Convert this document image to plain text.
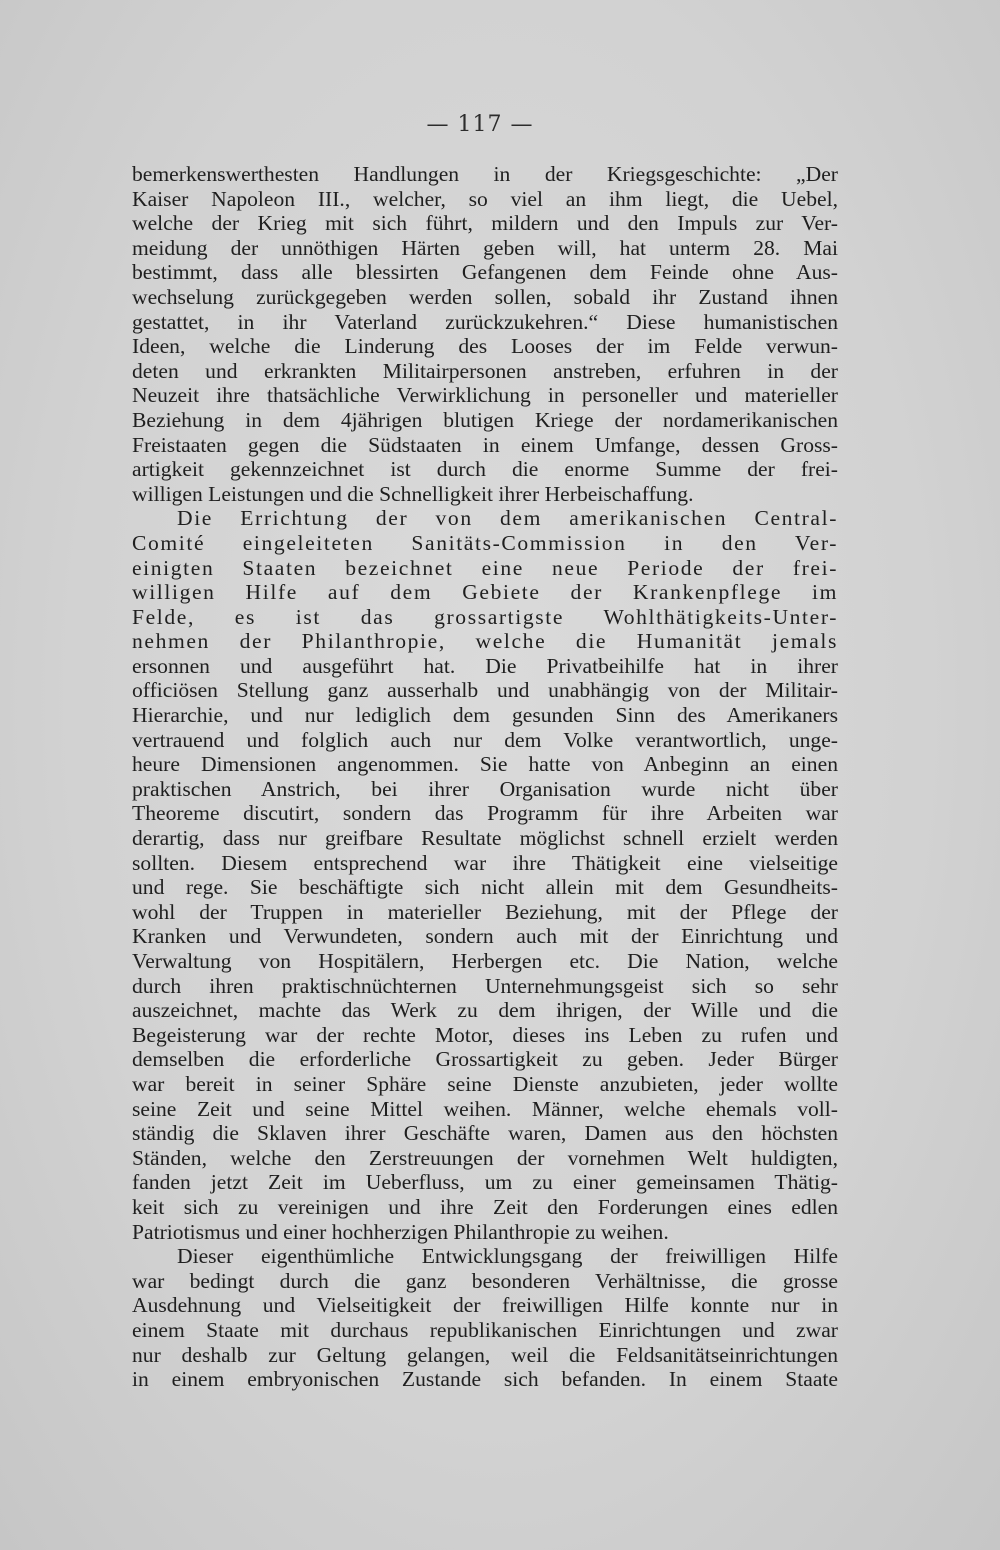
— 117 —
bemerkenswerthesten Handlungen in der Kriegsgeschichte: „Der
Kaiser Napoleon III., welcher, so viel an ihm liegt, die Uebel,
welche der Krieg mit sich führt, mildern und den Impuls zur Ver-
meidung der unnöthigen Härten geben will, hat unterm 28. Mai
bestimmt, dass alle blessirten Gefangenen dem Feinde ohne Aus-
wechselung zurückgegeben werden sollen, sobald ihr Zustand ihnen
gestattet, in ihr Vaterland zurückzukehren.“ Diese humanistischen
Ideen, welche die Linderung des Looses der im Felde verwun-
deten und erkrankten Militairpersonen anstreben, erfuhren in der
Neuzeit ihre thatsächliche Verwirklichung in personeller und materieller
Beziehung in dem 4jährigen blutigen Kriege der nordamerikanischen
Freistaaten gegen die Südstaaten in einem Umfange, dessen Gross-
artigkeit gekennzeichnet ist durch die enorme Summe der frei-
willigen Leistungen und die Schnelligkeit ihrer Herbeischaffung.
Die Errichtung der von dem amerikanischen Central-
Comité eingeleiteten Sanitäts-Commission in den Ver-
einigten Staaten bezeichnet eine neue Periode der frei-
willigen Hilfe auf dem Gebiete der Krankenpflege im
Felde, es ist das grossartigste Wohlthätigkeits-Unter-
nehmen der Philanthropie, welche die Humanität jemals
ersonnen und ausgeführt hat. Die Privatbeihilfe hat in ihrer
officiösen Stellung ganz ausserhalb und unabhängig von der Militair-
Hierarchie, und nur lediglich dem gesunden Sinn des Amerikaners
vertrauend und folglich auch nur dem Volke verantwortlich, unge-
heure Dimensionen angenommen. Sie hatte von Anbeginn an einen
praktischen Anstrich, bei ihrer Organisation wurde nicht über
Theoreme discutirt, sondern das Programm für ihre Arbeiten war
derartig, dass nur greifbare Resultate möglichst schnell erzielt werden
sollten. Diesem entsprechend war ihre Thätigkeit eine vielseitige
und rege. Sie beschäftigte sich nicht allein mit dem Gesundheits-
wohl der Truppen in materieller Beziehung, mit der Pflege der
Kranken und Verwundeten, sondern auch mit der Einrichtung und
Verwaltung von Hospitälern, Herbergen etc. Die Nation, welche
durch ihren praktischnüchternen Unternehmungsgeist sich so sehr
auszeichnet, machte das Werk zu dem ihrigen, der Wille und die
Begeisterung war der rechte Motor, dieses ins Leben zu rufen und
demselben die erforderliche Grossartigkeit zu geben. Jeder Bürger
war bereit in seiner Sphäre seine Dienste anzubieten, jeder wollte
seine Zeit und seine Mittel weihen. Männer, welche ehemals voll-
ständig die Sklaven ihrer Geschäfte waren, Damen aus den höchsten
Ständen, welche den Zerstreuungen der vornehmen Welt huldigten,
fanden jetzt Zeit im Ueberfluss, um zu einer gemeinsamen Thätig-
keit sich zu vereinigen und ihre Zeit den Forderungen eines edlen
Patriotismus und einer hochherzigen Philanthropie zu weihen.
Dieser eigenthümliche Entwicklungsgang der freiwilligen Hilfe
war bedingt durch die ganz besonderen Verhältnisse, die grosse
Ausdehnung und Vielseitigkeit der freiwilligen Hilfe konnte nur in
einem Staate mit durchaus republikanischen Einrichtungen und zwar
nur deshalb zur Geltung gelangen, weil die Feldsanitätseinrichtungen
in einem embryonischen Zustande sich befanden. In einem Staate
